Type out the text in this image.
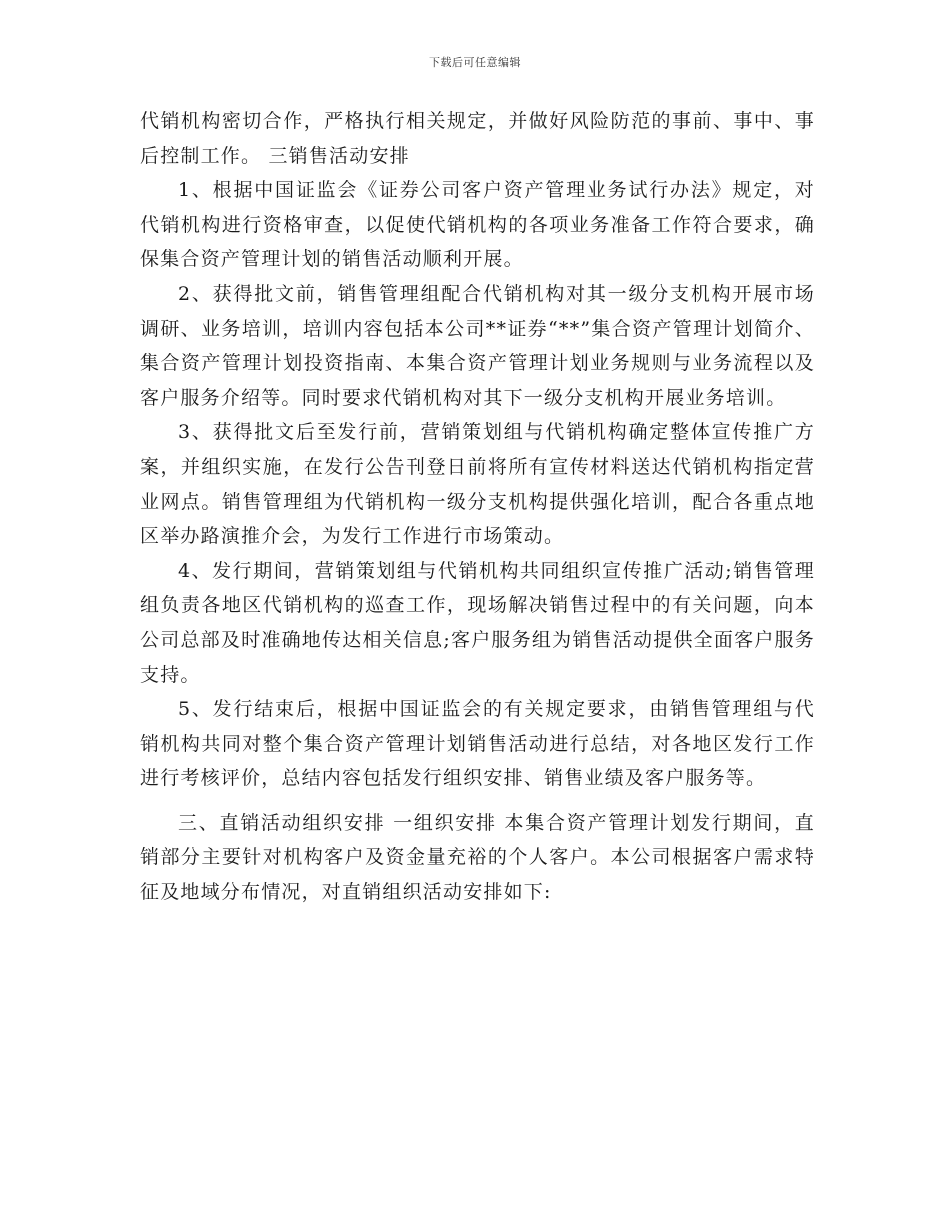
下载后可任意编辑

代销机构密切合作，严格执行相关规定，并做好风险防范的事前、事中、事后控制工作。 三销售活动安排

1、根据中国证监会《证券公司客户资产管理业务试行办法》规定，对代销机构进行资格审查，以促使代销机构的各项业务准备工作符合要求，确保集合资产管理计划的销售活动顺利开展。

2、获得批文前，销售管理组配合代销机构对其一级分支机构开展市场调研、业务培训，培训内容包括本公司**证券“**”集合资产管理计划简介、集合资产管理计划投资指南、本集合资产管理计划业务规则与业务流程以及客户服务介绍等。同时要求代销机构对其下一级分支机构开展业务培训。

3、获得批文后至发行前，营销策划组与代销机构确定整体宣传推广方案，并组织实施，在发行公告刊登日前将所有宣传材料送达代销机构指定营业网点。销售管理组为代销机构一级分支机构提供强化培训，配合各重点地区举办路演推介会，为发行工作进行市场策动。

4、发行期间，营销策划组与代销机构共同组织宣传推广活动;销售管理组负责各地区代销机构的巡查工作，现场解决销售过程中的有关问题，向本公司总部及时准确地传达相关信息;客户服务组为销售活动提供全面客户服务支持。

5、发行结束后，根据中国证监会的有关规定要求，由销售管理组与代销机构共同对整个集合资产管理计划销售活动进行总结，对各地区发行工作进行考核评价，总结内容包括发行组织安排、销售业绩及客户服务等。

三、直销活动组织安排 一组织安排 本集合资产管理计划发行期间，直销部分主要针对机构客户及资金量充裕的个人客户。本公司根据客户需求特征及地域分布情况，对直销组织活动安排如下:
